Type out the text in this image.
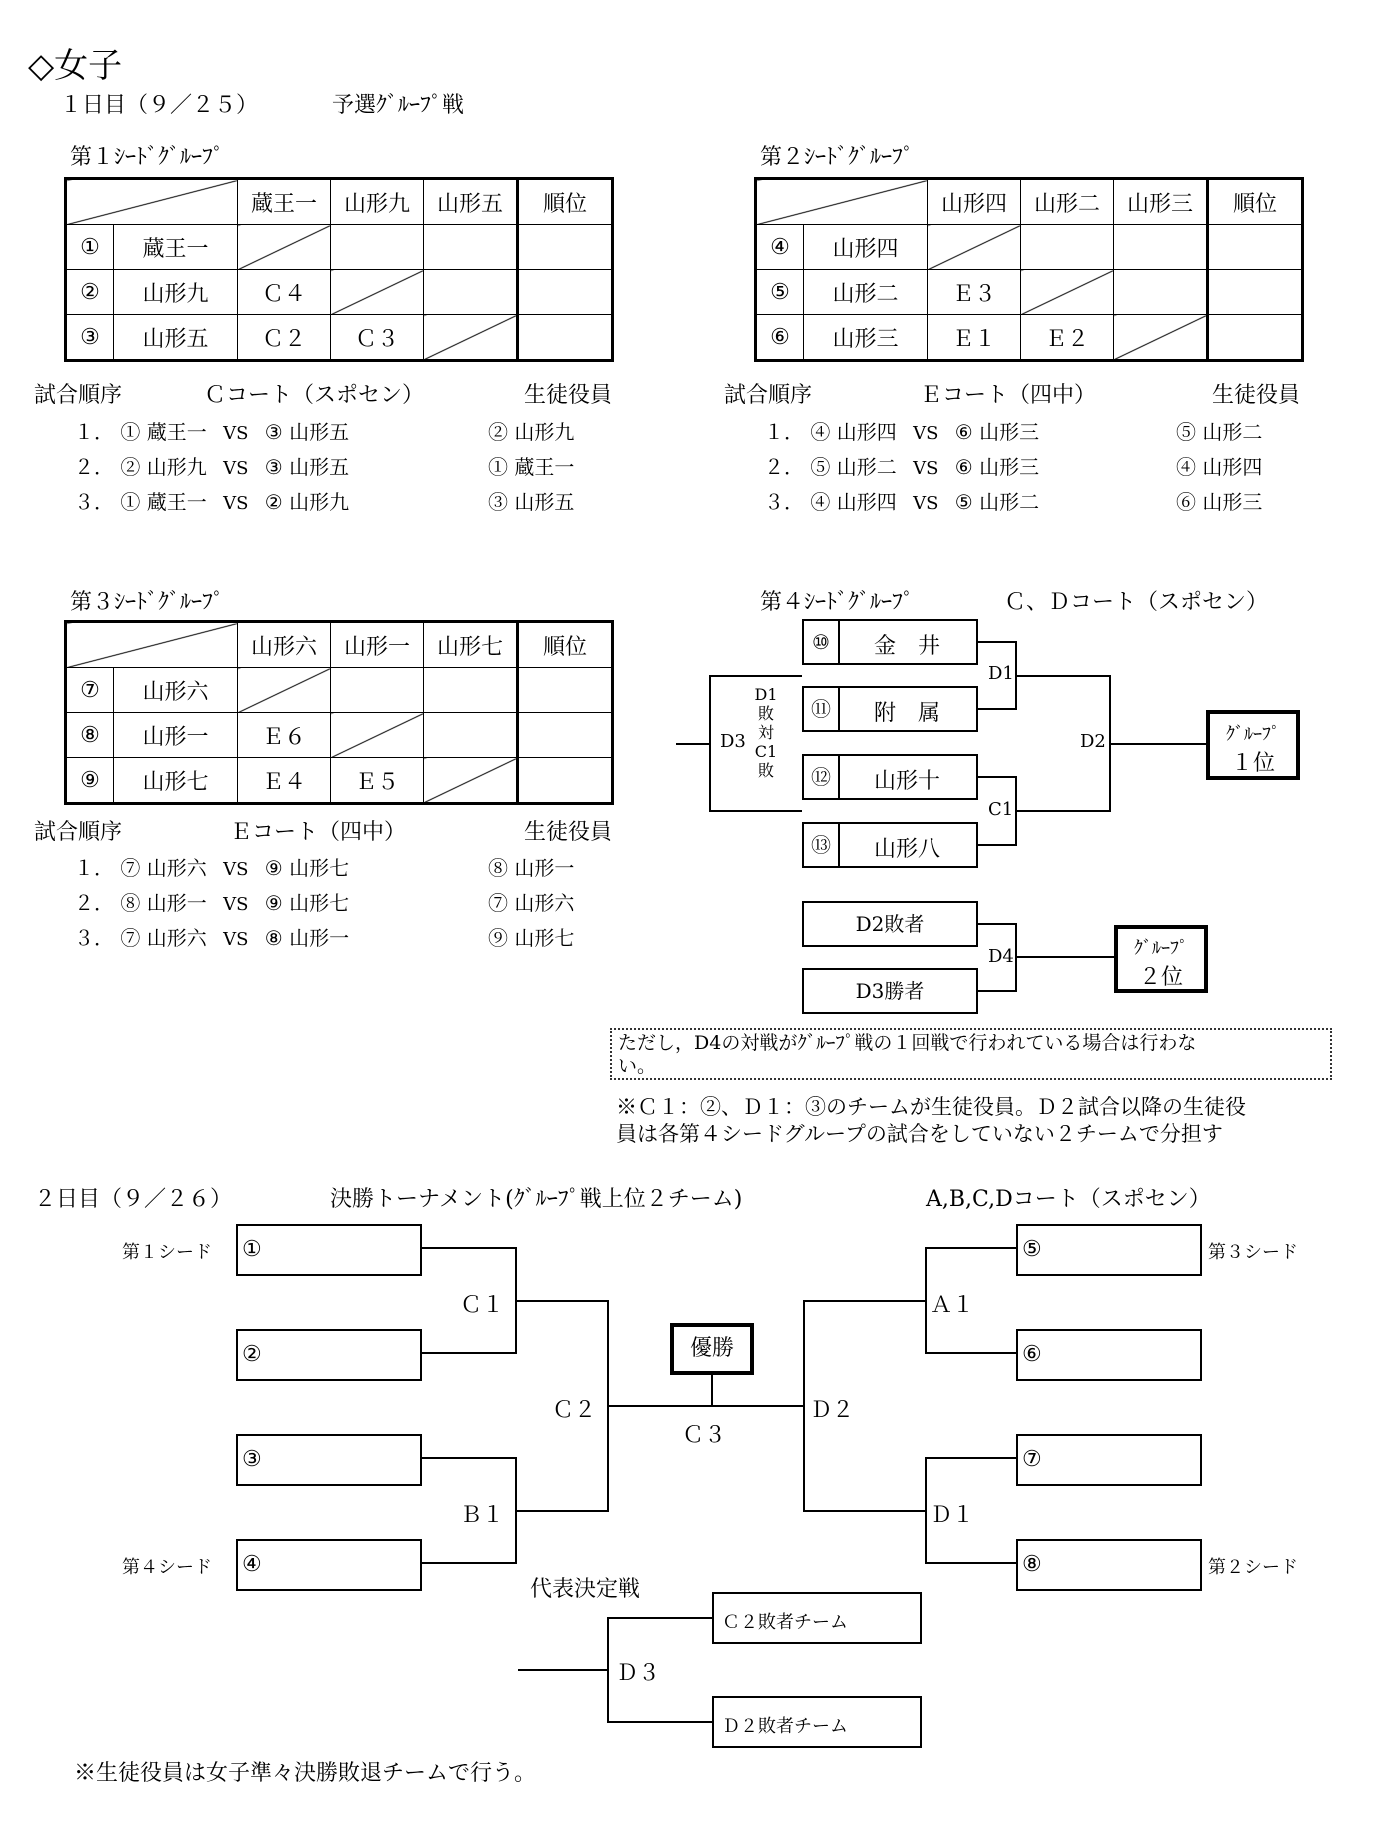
◇女子
１日目（９／２５）	予選ｸﾞﾙｰﾌﾟ戦
第１ｼｰﾄﾞｸﾞﾙｰﾌﾟ
		蔵王一	山形九	山形五	順位
①	蔵王一				
②	山形九	Ｃ４			
③	山形五	Ｃ２	Ｃ３		
試合順序	Ｃコート（スポセン）	生徒役員
１． ① 蔵王一 VS ③ 山形五	② 山形九
２． ② 山形九 VS ③ 山形五	① 蔵王一
３． ① 蔵王一 VS ② 山形九	③ 山形五
第２ｼｰﾄﾞｸﾞﾙｰﾌﾟ
		山形四	山形二	山形三	順位
④	山形四				
⑤	山形二	Ｅ３			
⑥	山形三	Ｅ１	Ｅ２		
試合順序	Ｅコート（四中）	生徒役員
１． ④ 山形四 VS ⑥ 山形三	⑤ 山形二
２． ⑤ 山形二 VS ⑥ 山形三	④ 山形四
３． ④ 山形四 VS ⑤ 山形二	⑥ 山形三
第３ｼｰﾄﾞｸﾞﾙｰﾌﾟ
		山形六	山形一	山形七	順位
⑦	山形六				
⑧	山形一	Ｅ６			
⑨	山形七	Ｅ４	Ｅ５		
試合順序	Ｅコート（四中）	生徒役員
１． ⑦ 山形六 VS ⑨ 山形七	⑧ 山形一
２． ⑧ 山形一 VS ⑨ 山形七	⑦ 山形六
３． ⑦ 山形六 VS ⑧ 山形一	⑨ 山形七
第４ｼｰﾄﾞｸﾞﾙｰﾌﾟ	Ｃ、Ｄコート（スポセン）
⑩	金　井
⑪	附　属
⑫	山形十
⑬	山形八
D1
C1
D2
D3
D1
敗
対
C1
敗
ｸﾞﾙｰﾌﾟ
１位
D2敗者
D3勝者
D4	ｸﾞﾙｰﾌﾟ
２位
ただし，D4の対戦がｸﾞﾙｰﾌﾟ戦の１回戦で行われている場合は行わな
い。
※Ｃ１：②、Ｄ１：③のチームが生徒役員。Ｄ２試合以降の生徒役
員は各第４シードグループの試合をしていない２チームで分担す
２日目（９／２６）	決勝トーナメント(ｸﾞﾙｰﾌﾟ戦上位２チーム)	A,B,C,Dコート（スポセン）
第１シード
第４シード
第３シード
第２シード
①
②
③
④
⑤
⑥
⑦
⑧
Ｃ１
Ｂ１
Ｃ２
Ｃ３
Ｄ２
Ａ１
Ｄ１
優勝
代表決定戦
Ｃ２敗者チーム
Ｄ２敗者チーム
Ｄ３
※生徒役員は女子準々決勝敗退チームで行う。
